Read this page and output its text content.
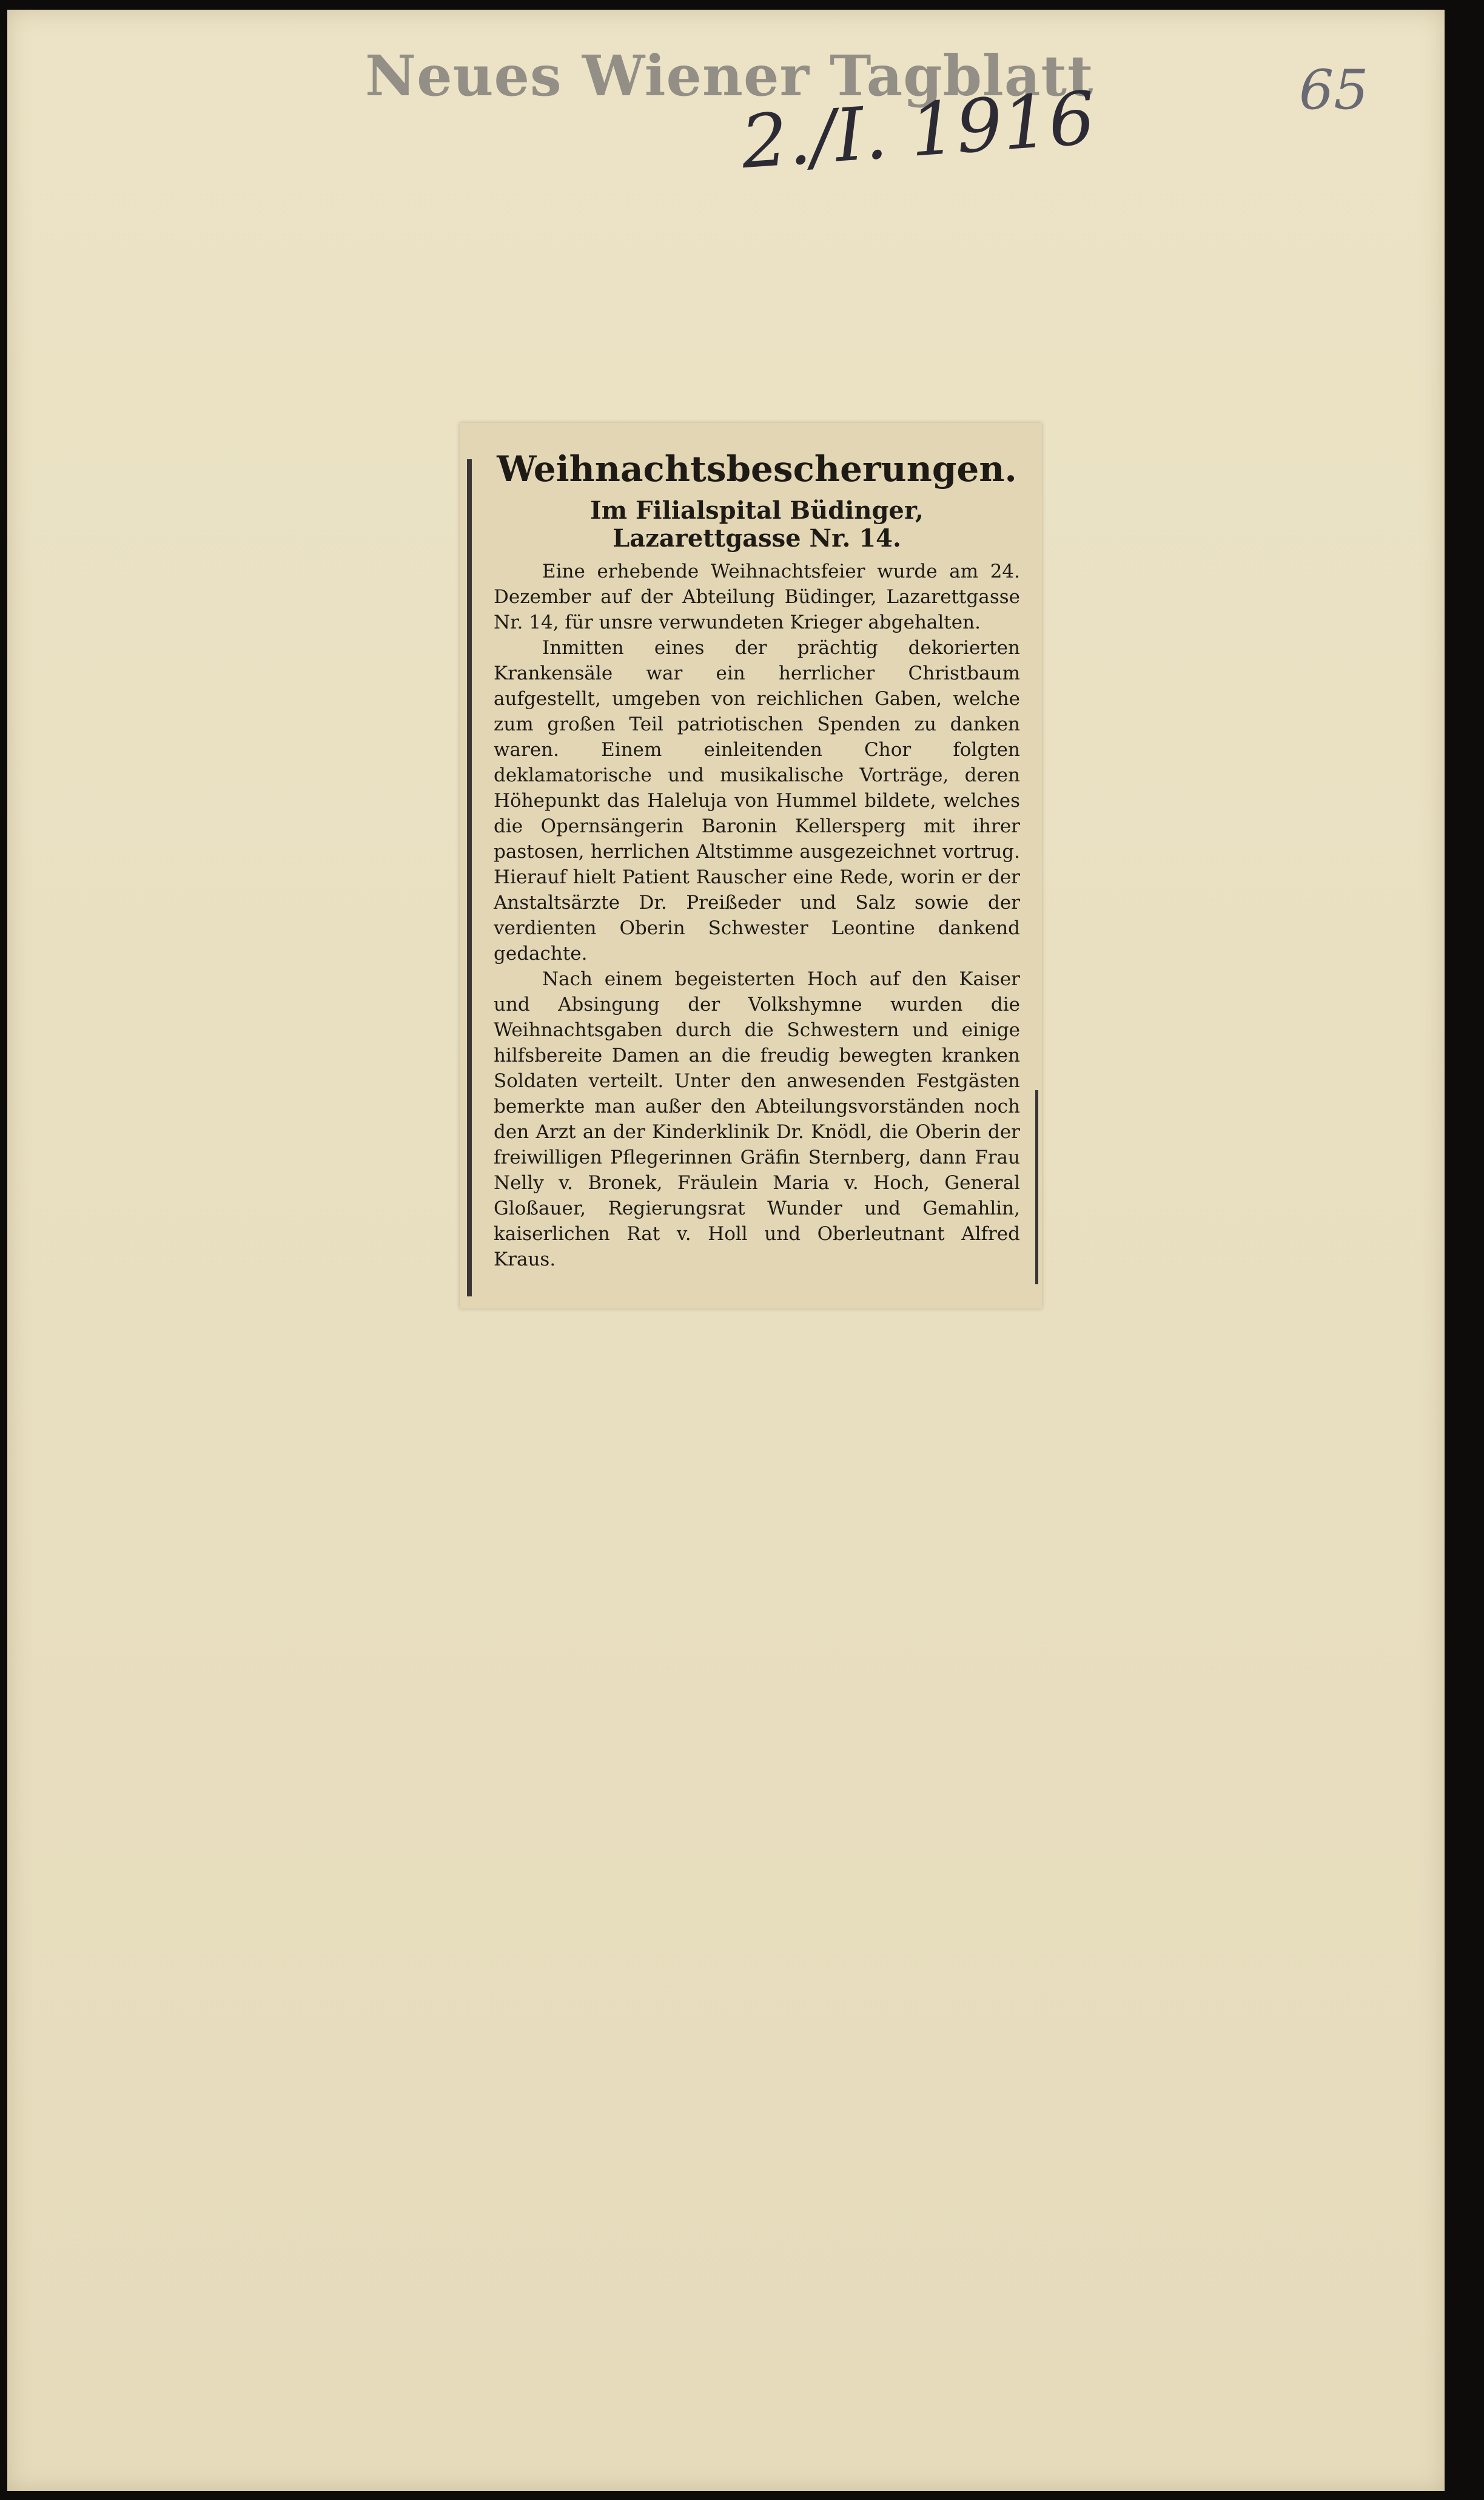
Neues Wiener Tagblatt
2./I. 1916	65
Weihnachtsbescherungen.
Im Filialspital Büdinger, Lazarettgasse Nr. 14.

Eine erhebende Weihnachtsfeier wurde am 24. Dezember auf der Abteilung Büdinger, Lazarettgasse Nr. 14, für unsre verwundeten Krieger abgehalten.

Inmitten eines der prächtig dekorierten Krankensäle war ein herrlicher Christbaum aufgestellt, umgeben von reichlichen Gaben, welche zum großen Teil patriotischen Spenden zu danken waren. Einem einleitenden Chor folgten deklamatorische und musikalische Vorträge, deren Höhepunkt das Haleluja von Hummel bildete, welches die Opernsängerin Baronin Kellersperg mit ihrer pastosen, herrlichen Altstimme ausgezeichnet vortrug. Hierauf hielt Patient Rauscher eine Rede, worin er der Anstaltsärzte Dr. Preißeder und Salz sowie der verdienten Oberin Schwester Leontine dankend gedachte.

Nach einem begeisterten Hoch auf den Kaiser und Absingung der Volkshymne wurden die Weihnachtsgaben durch die Schwestern und einige hilfsbereite Damen an die freudig bewegten kranken Soldaten verteilt. Unter den anwesenden Festgästen bemerkte man außer den Abteilungsvorständen noch den Arzt an der Kinderklinik Dr. Knödl, die Oberin der freiwilligen Pflegerinnen Gräfin Sternberg, dann Frau Nelly v. Bronek, Fräulein Maria v. Hoch, General Gloßauer, Regierungsrat Wunder und Gemahlin, kaiserlichen Rat v. Holl und Oberleutnant Alfred Kraus.
